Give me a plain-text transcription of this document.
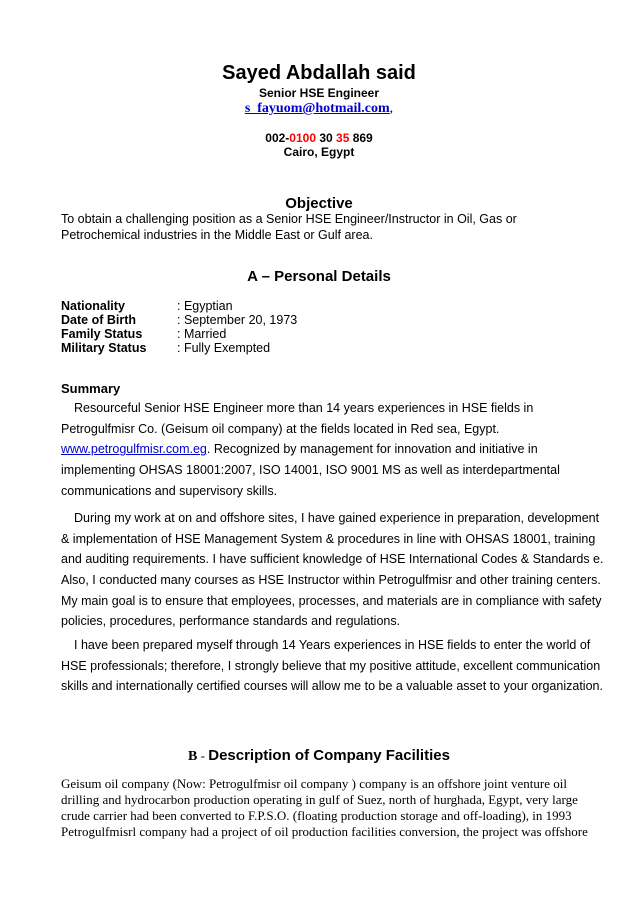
Sayed Abdallah said
Senior HSE Engineer
s_fayuom@hotmail.com,
002-0100 30 35 869
Cairo, Egypt
Objective
To obtain a challenging position as a Senior HSE Engineer/Instructor in Oil, Gas or Petrochemical industries in the Middle East or Gulf area.
A – Personal Details
Nationality	: Egyptian
Date of Birth	: September 20, 1973
Family Status	: Married
Military Status	: Fully Exempted
Summary
Resourceful Senior HSE Engineer more than 14 years experiences in HSE fields in
Petrogulfmisr Co. (Geisum oil company) at the fields located in Red sea, Egypt.
www.petrogulfmisr.com.eg. Recognized by management for innovation and initiative in
implementing OHSAS 18001:2007, ISO 14001, ISO 9001 MS as well as interdepartmental
communications and supervisory skills.
During my work at on and offshore sites, I have gained experience in preparation, development
& implementation of HSE Management System & procedures in line with OHSAS 18001, training
and auditing requirements. I have sufficient knowledge of HSE International Codes & Standards e.
Also, I conducted many courses as HSE Instructor within Petrogulfmisr and other training centers.
My main goal is to ensure that employees, processes, and materials are in compliance with safety
policies, procedures, performance standards and regulations.
I have been prepared myself through 14 Years experiences in HSE fields to enter the world of
HSE professionals; therefore, I strongly believe that my positive attitude, excellent communication
skills and internationally certified courses will allow me to be a valuable asset to your organization.
B - Description of Company Facilities
Geisum oil company (Now: Petrogulfmisr oil company ) company is an offshore joint venture oil
drilling and hydrocarbon production operating in gulf of Suez, north of hurghada, Egypt, very large
crude carrier had been converted to F.P.S.O. (floating production storage and off-loading), in 1993
Petrogulfmisrl company had a project of oil production facilities conversion, the project was offshore
